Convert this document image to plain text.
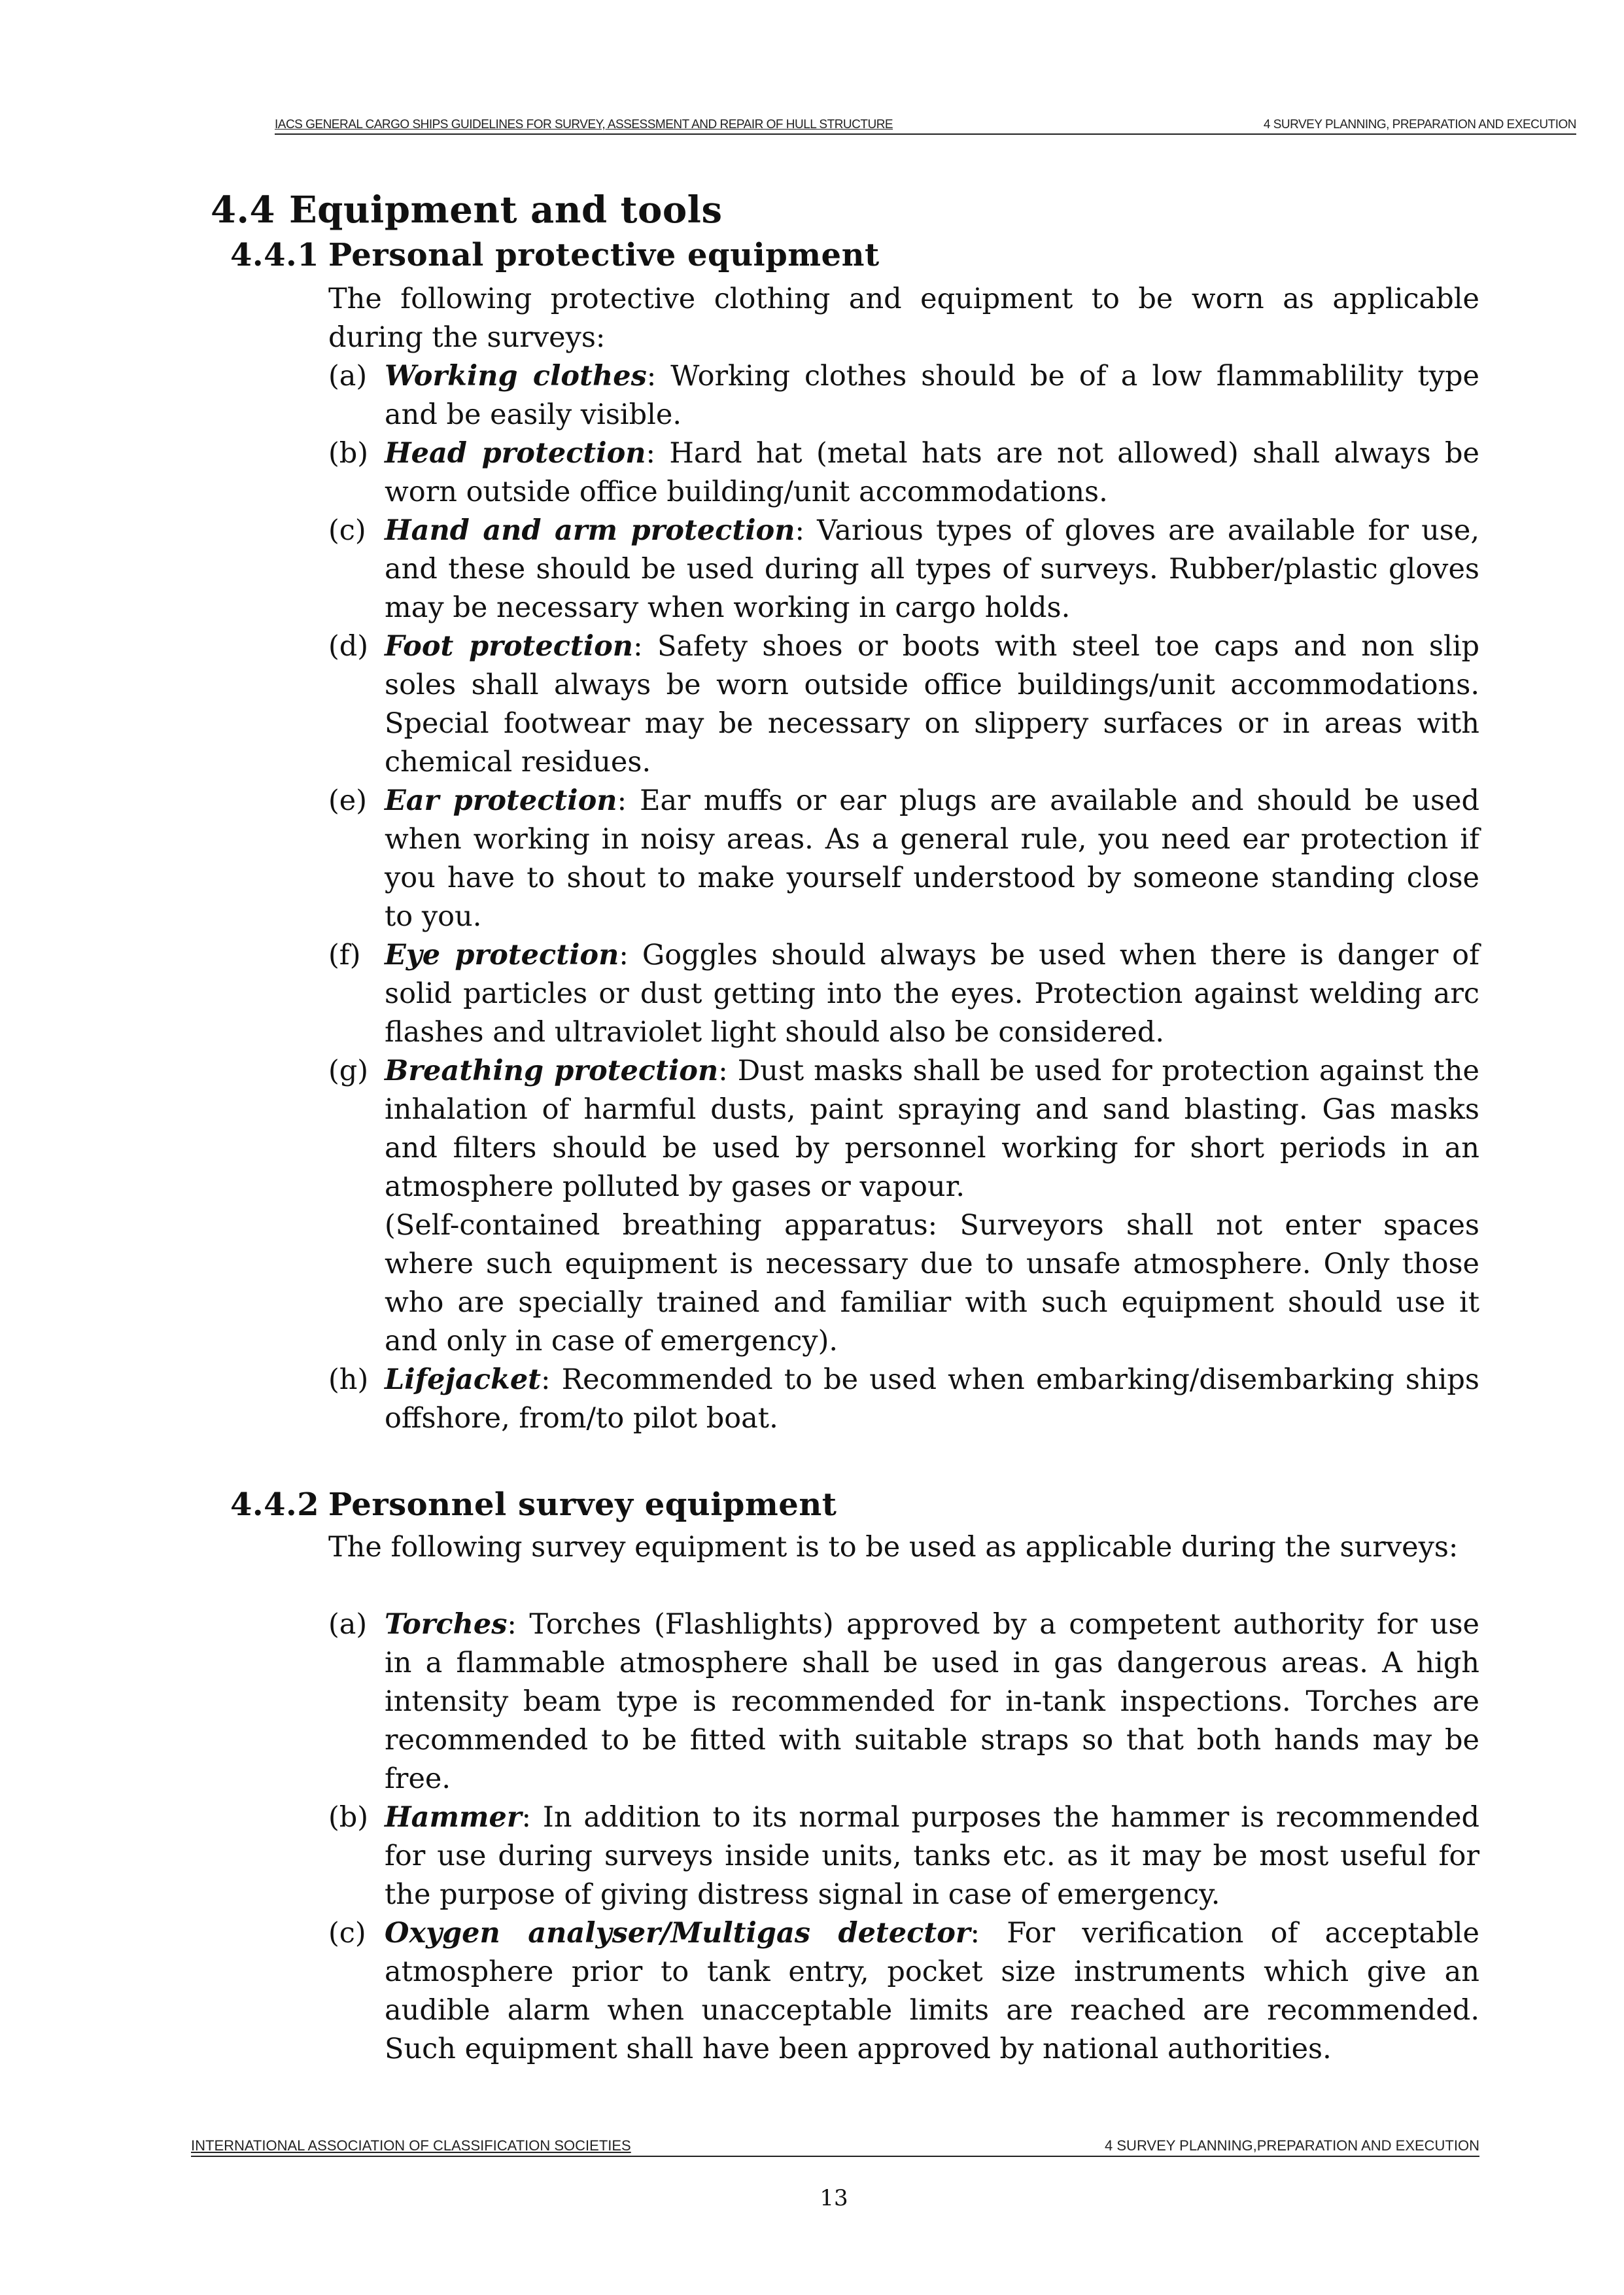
IACS GENERAL CARGO SHIPS GUIDELINES FOR SURVEY, ASSESSMENT AND REPAIR OF HULL STRUCTURE	4 SURVEY PLANNING, PREPARATION AND EXECUTION
4.4 Equipment and tools
4.4.1 Personal protective equipment
The following protective clothing and equipment to be worn as applicable during the surveys:
(a) Working clothes: Working clothes should be of a low flammablility type and be easily visible.
(b) Head protection: Hard hat (metal hats are not allowed) shall always be worn outside office building/unit accommodations.
(c) Hand and arm protection: Various types of gloves are available for use, and these should be used during all types of surveys. Rubber/plastic gloves may be necessary when working in cargo holds.
(d) Foot protection: Safety shoes or boots with steel toe caps and non slip soles shall always be worn outside office buildings/unit accommodations. Special footwear may be necessary on slippery surfaces or in areas with chemical residues.
(e) Ear protection: Ear muffs or ear plugs are available and should be used when working in noisy areas. As a general rule, you need ear protection if you have to shout to make yourself understood by someone standing close to you.
(f) Eye protection: Goggles should always be used when there is danger of solid particles or dust getting into the eyes. Protection against welding arc flashes and ultraviolet light should also be considered.
(g) Breathing protection: Dust masks shall be used for protection against the inhalation of harmful dusts, paint spraying and sand blasting. Gas masks and filters should be used by personnel working for short periods in an atmosphere polluted by gases or vapour.
(Self-contained breathing apparatus: Surveyors shall not enter spaces where such equipment is necessary due to unsafe atmosphere. Only those who are specially trained and familiar with such equipment should use it and only in case of emergency).
(h) Lifejacket: Recommended to be used when embarking/disembarking ships offshore, from/to pilot boat.
4.4.2 Personnel survey equipment
The following survey equipment is to be used as applicable during the surveys:
(a) Torches: Torches (Flashlights) approved by a competent authority for use in a flammable atmosphere shall be used in gas dangerous areas. A high intensity beam type is recommended for in-tank inspections. Torches are recommended to be fitted with suitable straps so that both hands may be free.
(b) Hammer: In addition to its normal purposes the hammer is recommended for use during surveys inside units, tanks etc. as it may be most useful for the purpose of giving distress signal in case of emergency.
(c) Oxygen analyser/Multigas detector: For verification of acceptable atmosphere prior to tank entry, pocket size instruments which give an audible alarm when unacceptable limits are reached are recommended. Such equipment shall have been approved by national authorities.
INTERNATIONAL ASSOCIATION OF CLASSIFICATION SOCIETIES	4 SURVEY PLANNING,PREPARATION AND EXECUTION
13
